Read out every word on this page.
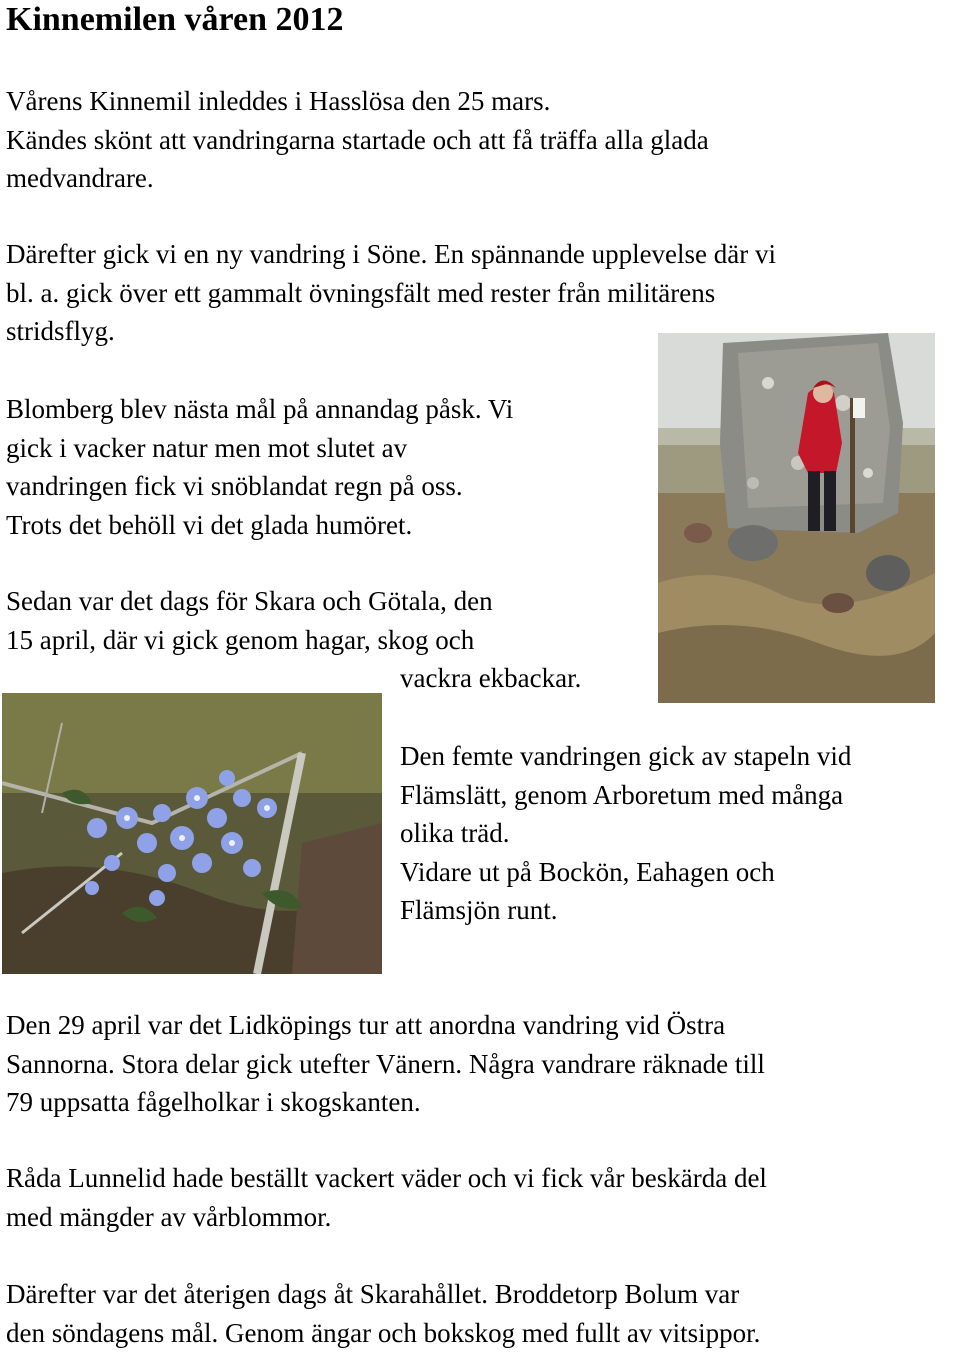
Kinnemilen våren 2012

Vårens Kinnemil inleddes i Hasslösa den 25 mars.
Kändes skönt att vandringarna startade och att få träffa alla glada
medvandrare.

Därefter gick vi en ny vandring i Söne. En spännande upplevelse där vi
bl. a. gick över ett gammalt övningsfält med rester från militärens
stridsflyg.

Blomberg blev nästa mål på annandag påsk. Vi
gick i vacker natur men mot slutet av
vandringen fick vi snöblandat regn på oss.
Trots det behöll vi det glada humöret.

Sedan var det dags för Skara och Götala, den
15 april, där vi gick genom hagar, skog och
vackra ekbackar.

Den femte vandringen gick av stapeln vid
Flämslätt, genom Arboretum med många
olika träd.
Vidare ut på Bockön, Eahagen och
Flämsjön runt.

Den 29 april var det Lidköpings tur att anordna vandring vid Östra
Sannorna. Stora delar gick utefter Vänern. Några vandrare räknade till
79 uppsatta fågelholkar i skogskanten.

Råda Lunnelid hade beställt vackert väder och vi fick vår beskärda del
med mängder av vårblommor.

Därefter var det återigen dags åt Skarahållet. Broddetorp Bolum var
den söndagens mål. Genom ängar och bokskog med fullt av vitsippor.
